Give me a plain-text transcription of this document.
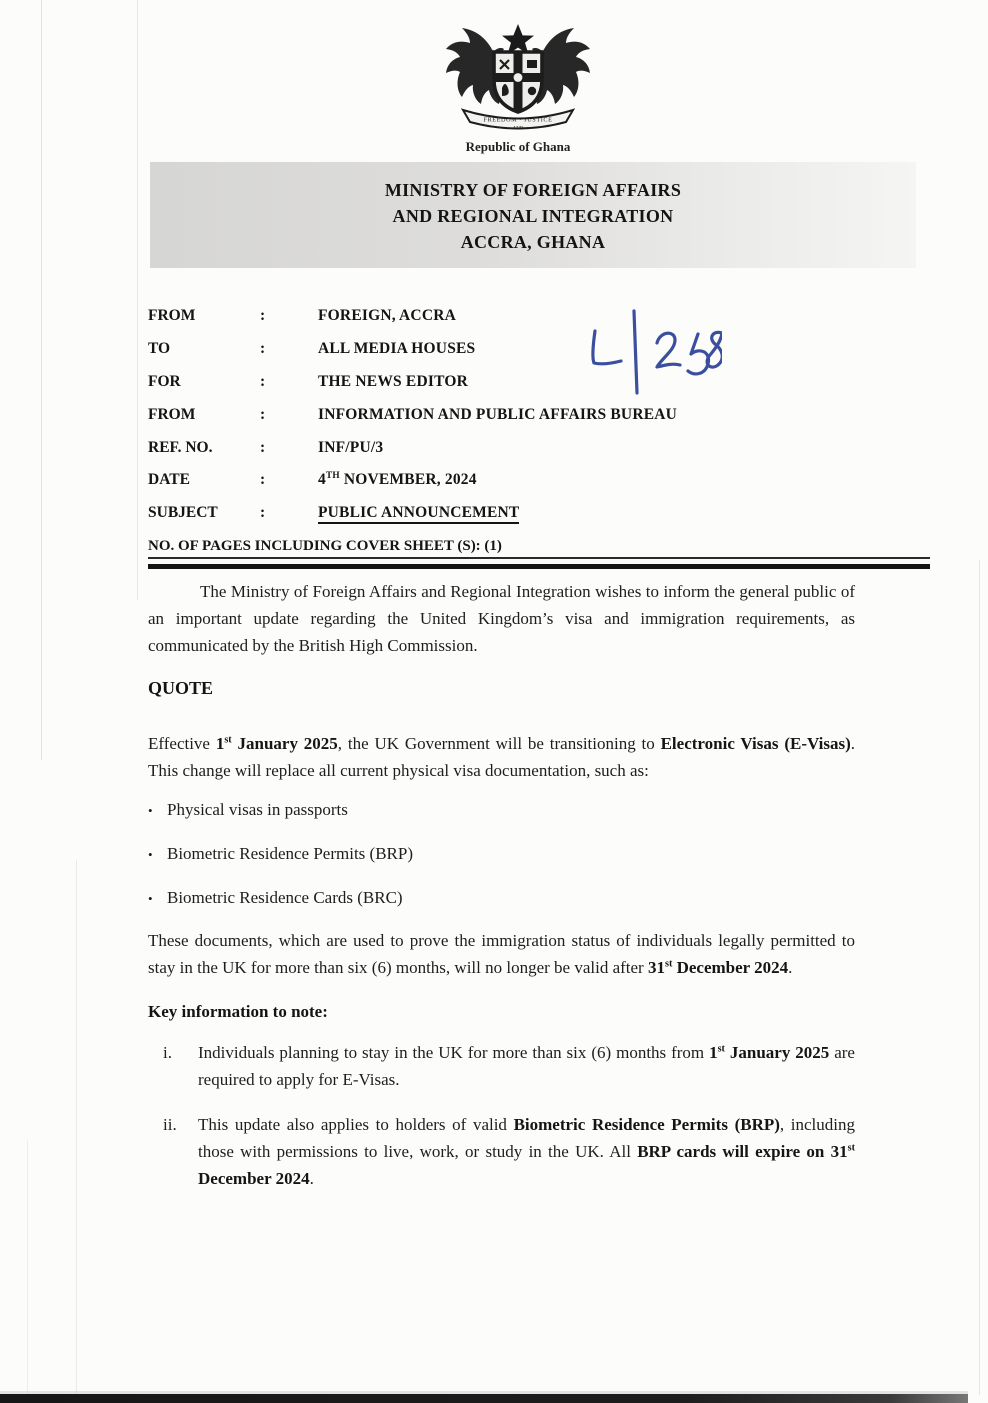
FREEDOM · JUSTICE
AND
Republic of Ghana
MINISTRY OF FOREIGN AFFAIRS
AND REGIONAL INTEGRATION
ACCRA, GHANA
FROM	:	FOREIGN, ACCRA
TO	:	ALL MEDIA HOUSES
FOR	:	THE NEWS EDITOR
FROM	:	INFORMATION AND PUBLIC AFFAIRS BUREAU
REF. NO.	:	INF/PU/3
DATE	:	4TH NOVEMBER, 2024
SUBJECT	:	PUBLIC ANNOUNCEMENT
NO. OF PAGES INCLUDING COVER SHEET (S): (1)

The Ministry of Foreign Affairs and Regional Integration wishes to inform the general public of an important update regarding the United Kingdom’s visa and immigration requirements, as communicated by the British High Commission.

QUOTE

Effective 1st January 2025, the UK Government will be transitioning to Electronic Visas (E-Visas). This change will replace all current physical visa documentation, such as:

• Physical visas in passports
• Biometric Residence Permits (BRP)
• Biometric Residence Cards (BRC)

These documents, which are used to prove the immigration status of individuals legally permitted to stay in the UK for more than six (6) months, will no longer be valid after 31st December 2024.

Key information to note:
i.	Individuals planning to stay in the UK for more than six (6) months from 1st January 2025 are required to apply for E-Visas.
ii.	This update also applies to holders of valid Biometric Residence Permits (BRP), including those with permissions to live, work, or study in the UK. All BRP cards will expire on 31st December 2024.
